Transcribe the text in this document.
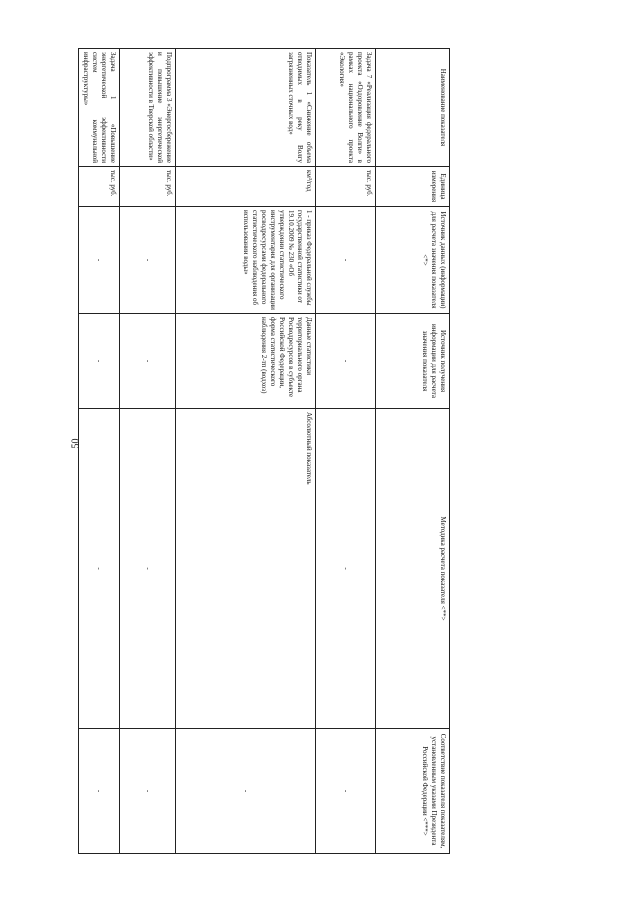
50
Наименование показателя	Единица измерения	Источник данных (информации) для расчета значения показателя <*>	Источник получения информации для расчета значения показателя	Методика расчета показателя <**>	Соответствие показателя показателям, установленным указами Президента Российской Федерации <***>
Задача 7 «Реализация федерального проекта «Оздоровление Волги» в рамках национального проекта «Экология»	тыс. руб.	-	-	-	-
Показатель 1 «Снижение объема отводимых в реку Волгу загрязненных сточных вод»	км³/год	1 - приказ Федеральной службы государственной статистики от 19.10.2009 № 230 «Об утверждении статистического инструментария для организации росводресурсами федерального статистического наблюдения об использовании воды»	Данные статистики территориального органа Росводресурсов в субъекте Российской Федерации, форма статистического наблюдения 2-тп (водхоз)	Абсолютный показатель	-
Подпрограмма 3 «Энергосбережение и повышение энергетической эффективности в Тверской области»	тыс. руб.	-	-	-	-
Задача 1 «Повышение энергетической эффективности систем коммунальной инфраструктуры»	тыс. руб.	-	-	-	-
